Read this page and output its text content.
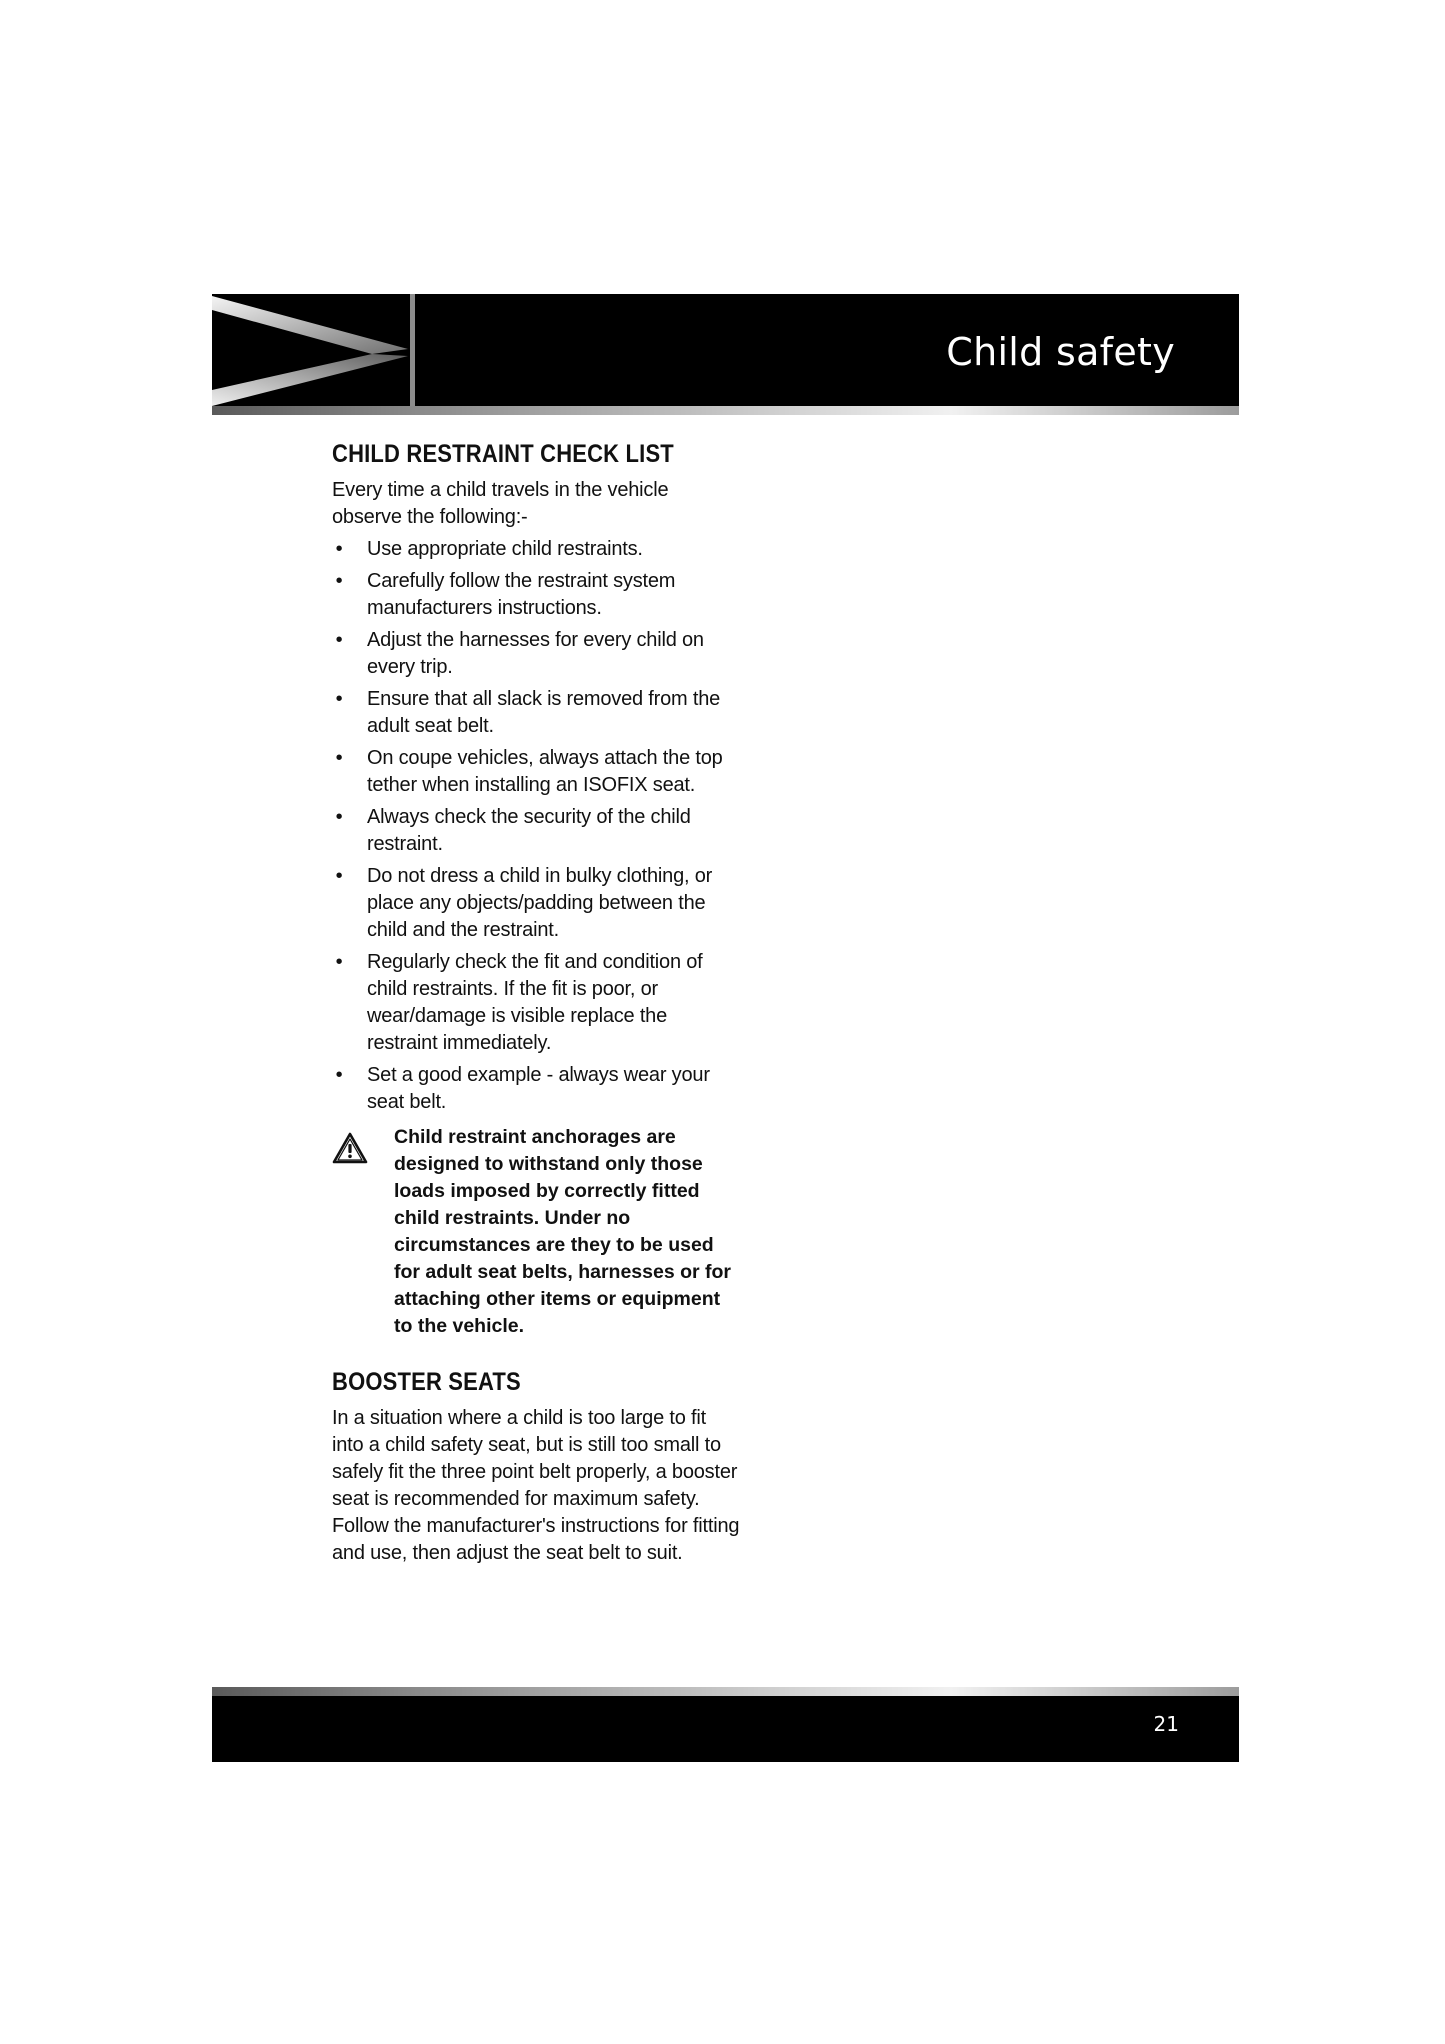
Child safety
CHILD RESTRAINT CHECK LIST

Every time a child travels in the vehicle observe the following:-

• Use appropriate child restraints.
• Carefully follow the restraint system manufacturers instructions.
• Adjust the harnesses for every child on every trip.
• Ensure that all slack is removed from the adult seat belt.
• On coupe vehicles, always attach the top tether when installing an ISOFIX seat.
• Always check the security of the child restraint.
• Do not dress a child in bulky clothing, or place any objects/padding between the child and the restraint.
• Regularly check the fit and condition of child restraints. If the fit is poor, or wear/damage is visible replace the restraint immediately.
• Set a good example - always wear your seat belt.
Child restraint anchorages are designed to withstand only those loads imposed by correctly fitted child restraints. Under no circumstances are they to be used for adult seat belts, harnesses or for attaching other items or equipment to the vehicle.
BOOSTER SEATS

In a situation where a child is too large to fit into a child safety seat, but is still too small to safely fit the three point belt properly, a booster seat is recommended for maximum safety. Follow the manufacturer's instructions for fitting and use, then adjust the seat belt to suit.

21
